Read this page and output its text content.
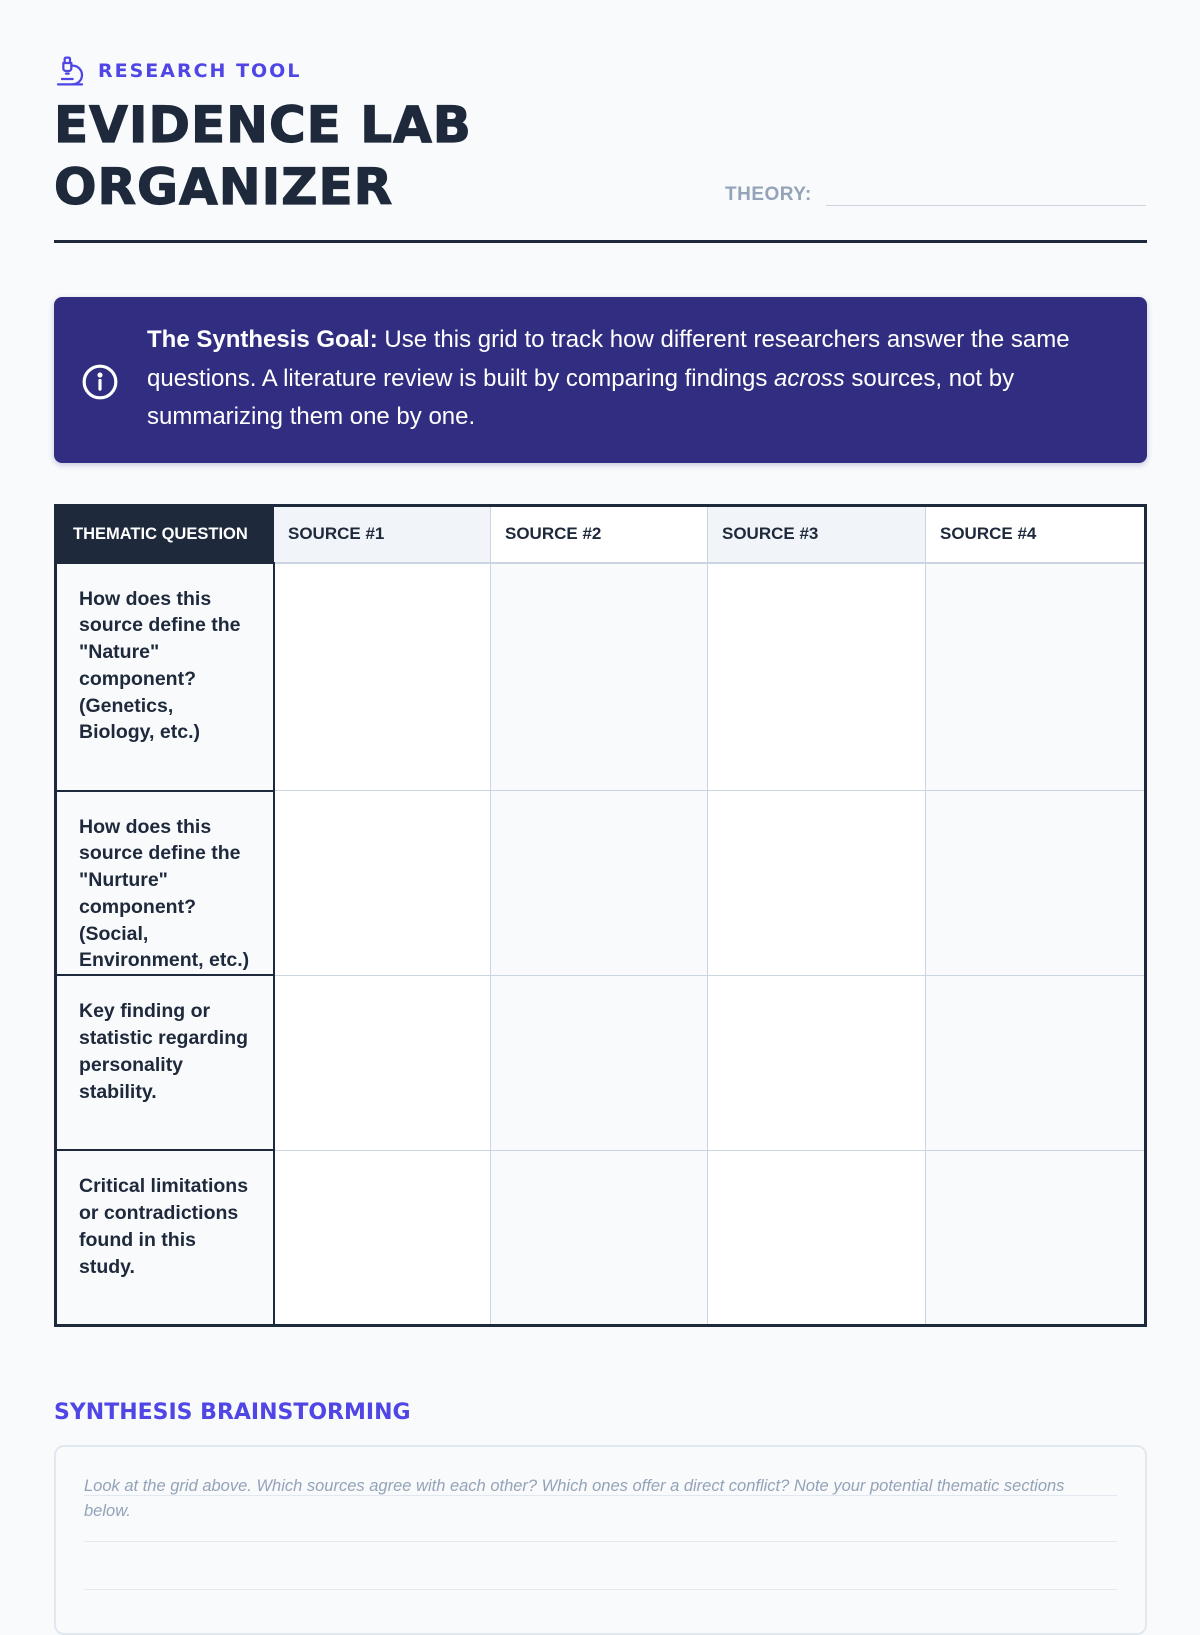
RESEARCH TOOL
EVIDENCE LAB
ORGANIZER	THEORY:

The Synthesis Goal: Use this grid to track how different researchers answer the same questions. A literature review is built by comparing findings across sources, not by summarizing them one by one.

THEMATIC QUESTION	SOURCE #1	SOURCE #2	SOURCE #3	SOURCE #4
How does this source define the "Nature" component? (Genetics, Biology, etc.)				
How does this source define the "Nurture" component? (Social, Environment, etc.)				
Key finding or statistic regarding personality stability.				
Critical limitations or contradictions found in this study.				
SYNTHESIS BRAINSTORMING

Look at the grid above. Which sources agree with each other? Which ones offer a direct conflict? Note your potential thematic sections below.
